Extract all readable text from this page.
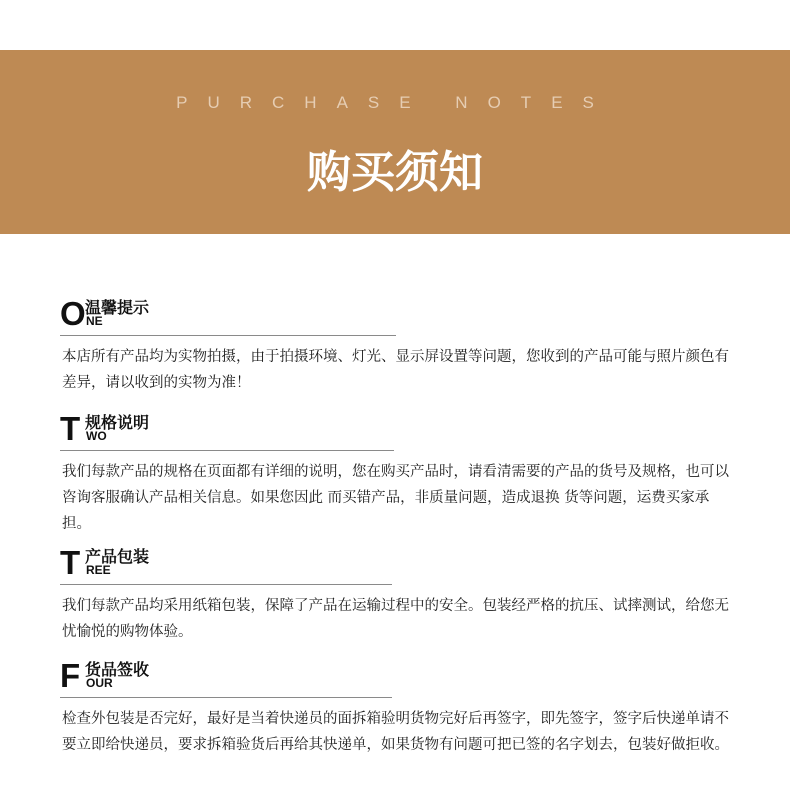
PURCHASE NOTES
购买须知
O 温馨提示
NE
本店所有产品均为实物拍摄，由于拍摄环境、灯光、显示屏设置等问题，您收到的产品可能与照片颜色有差异，请以收到的实物为准！
T 规格说明
WO
我们每款产品的规格在页面都有详细的说明，您在购买产品时，请看清需要的产品的货号及规格，也可以咨询客服确认产品相关信息。如果您因此 而买错产品，非质量问题，造成退换 货等问题，运费买家承担。
T 产品包装
REE
我们每款产品均采用纸箱包装，保障了产品在运输过程中的安全。包装经严格的抗压、试摔测试，给您无忧愉悦的购物体验。
F 货品签收
OUR
检查外包装是否完好，最好是当着快递员的面拆箱验明货物完好后再签字，即先签字，签字后快递单请不要立即给快递员，要求拆箱验货后再给其快递单，如果货物有问题可把已签的名字划去，包装好做拒收。
